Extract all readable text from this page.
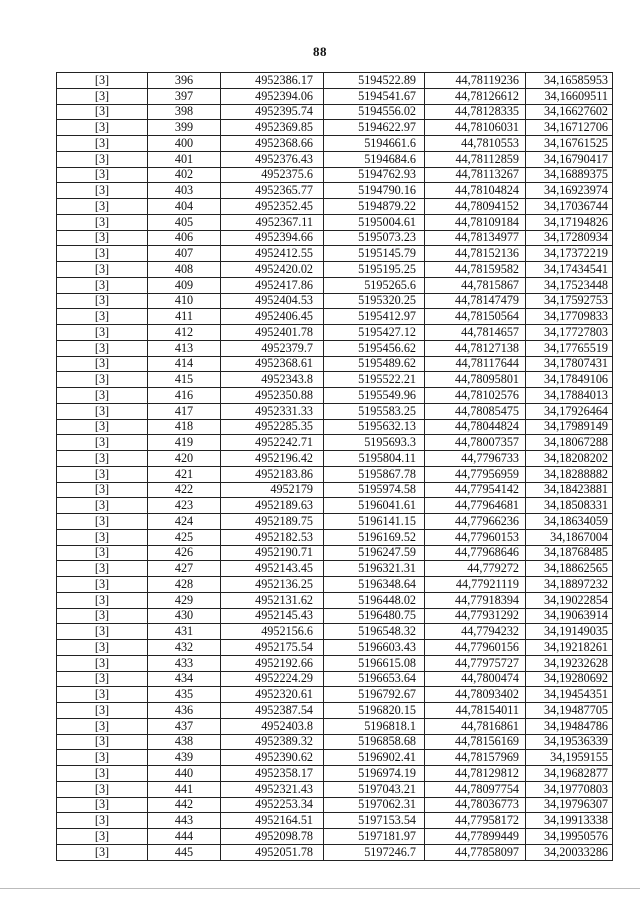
88
[3]	396	4952386.17	5194522.89	44,78119236	34,16585953
[3]	397	4952394.06	5194541.67	44,78126612	34,16609511
[3]	398	4952395.74	5194556.02	44,78128335	34,16627602
[3]	399	4952369.85	5194622.97	44,78106031	34,16712706
[3]	400	4952368.66	5194661.6	44,7810553	34,16761525
[3]	401	4952376.43	5194684.6	44,78112859	34,16790417
[3]	402	4952375.6	5194762.93	44,78113267	34,16889375
[3]	403	4952365.77	5194790.16	44,78104824	34,16923974
[3]	404	4952352.45	5194879.22	44,78094152	34,17036744
[3]	405	4952367.11	5195004.61	44,78109184	34,17194826
[3]	406	4952394.66	5195073.23	44,78134977	34,17280934
[3]	407	4952412.55	5195145.79	44,78152136	34,17372219
[3]	408	4952420.02	5195195.25	44,78159582	34,17434541
[3]	409	4952417.86	5195265.6	44,7815867	34,17523448
[3]	410	4952404.53	5195320.25	44,78147479	34,17592753
[3]	411	4952406.45	5195412.97	44,78150564	34,17709833
[3]	412	4952401.78	5195427.12	44,7814657	34,17727803
[3]	413	4952379.7	5195456.62	44,78127138	34,17765519
[3]	414	4952368.61	5195489.62	44,78117644	34,17807431
[3]	415	4952343.8	5195522.21	44,78095801	34,17849106
[3]	416	4952350.88	5195549.96	44,78102576	34,17884013
[3]	417	4952331.33	5195583.25	44,78085475	34,17926464
[3]	418	4952285.35	5195632.13	44,78044824	34,17989149
[3]	419	4952242.71	5195693.3	44,78007357	34,18067288
[3]	420	4952196.42	5195804.11	44,7796733	34,18208202
[3]	421	4952183.86	5195867.78	44,77956959	34,18288882
[3]	422	4952179	5195974.58	44,77954142	34,18423881
[3]	423	4952189.63	5196041.61	44,77964681	34,18508331
[3]	424	4952189.75	5196141.15	44,77966236	34,18634059
[3]	425	4952182.53	5196169.52	44,77960153	34,1867004
[3]	426	4952190.71	5196247.59	44,77968646	34,18768485
[3]	427	4952143.45	5196321.31	44,779272	34,18862565
[3]	428	4952136.25	5196348.64	44,77921119	34,18897232
[3]	429	4952131.62	5196448.02	44,77918394	34,19022854
[3]	430	4952145.43	5196480.75	44,77931292	34,19063914
[3]	431	4952156.6	5196548.32	44,7794232	34,19149035
[3]	432	4952175.54	5196603.43	44,77960156	34,19218261
[3]	433	4952192.66	5196615.08	44,77975727	34,19232628
[3]	434	4952224.29	5196653.64	44,7800474	34,19280692
[3]	435	4952320.61	5196792.67	44,78093402	34,19454351
[3]	436	4952387.54	5196820.15	44,78154011	34,19487705
[3]	437	4952403.8	5196818.1	44,7816861	34,19484786
[3]	438	4952389.32	5196858.68	44,78156169	34,19536339
[3]	439	4952390.62	5196902.41	44,78157969	34,1959155
[3]	440	4952358.17	5196974.19	44,78129812	34,19682877
[3]	441	4952321.43	5197043.21	44,78097754	34,19770803
[3]	442	4952253.34	5197062.31	44,78036773	34,19796307
[3]	443	4952164.51	5197153.54	44,77958172	34,19913338
[3]	444	4952098.78	5197181.97	44,77899449	34,19950576
[3]	445	4952051.78	5197246.7	44,77858097	34,20033286
